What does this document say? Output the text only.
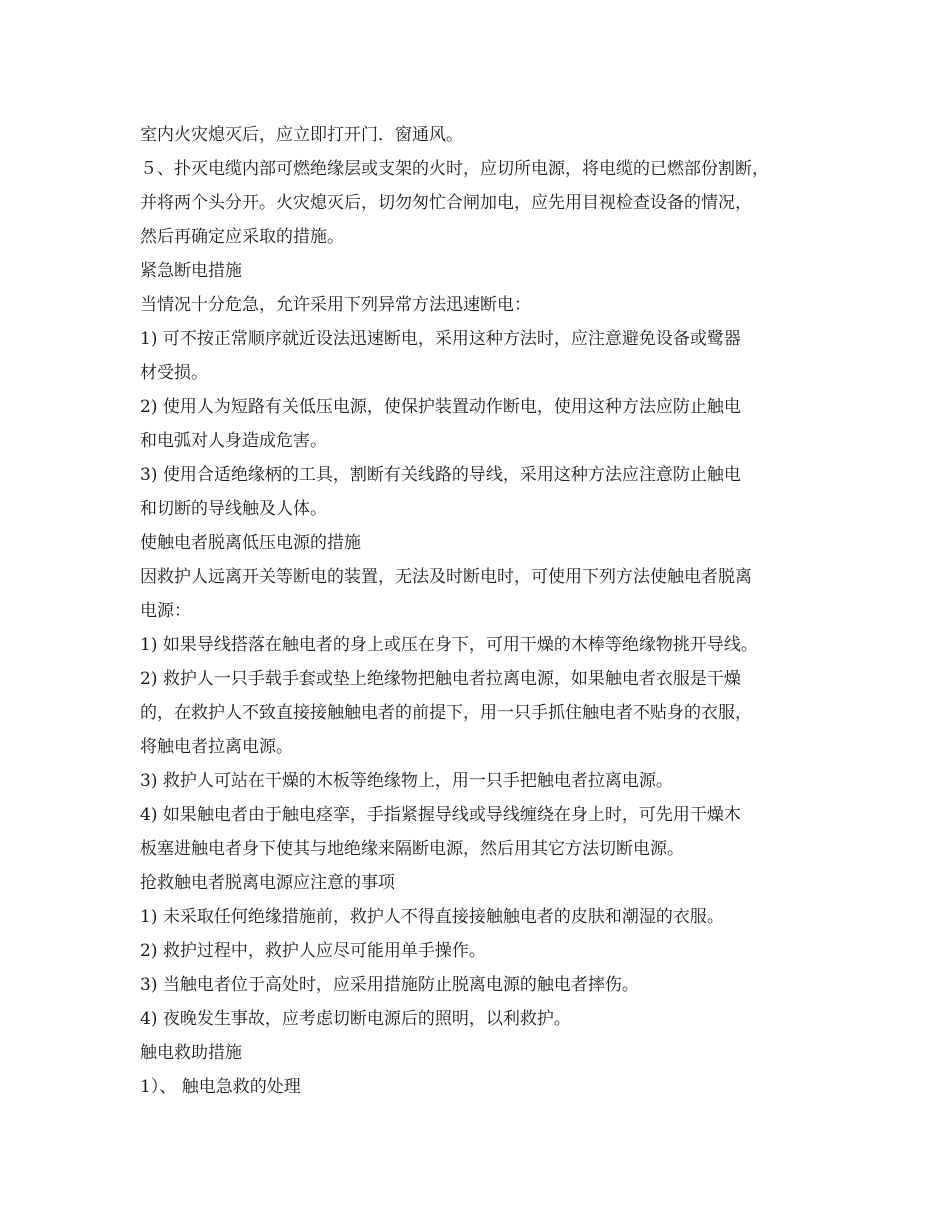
室内火灾熄灭后，应立即打开门．窗通风。
５、扑灭电缆内部可燃绝缘层或支架的火时，应切所电源，将电缆的已燃部份割断，
并将两个头分开。火灾熄灭后，切勿匆忙合闸加电，应先用目视检查设备的情况，
然后再确定应采取的措施。
紧急断电措施
当情况十分危急，允许采用下列异常方法迅速断电：
1) 可不按正常顺序就近设法迅速断电，采用这种方法时，应注意避免设备或鹭器
材受损。
2) 使用人为短路有关低压电源，使保护装置动作断电，使用这种方法应防止触电
和电弧对人身造成危害。
3) 使用合适绝缘柄的工具，割断有关线路的导线，采用这种方法应注意防止触电
和切断的导线触及人体。
使触电者脱离低压电源的措施
因救护人远离开关等断电的装置，无法及时断电时，可使用下列方法使触电者脱离
电源：
1) 如果导线搭落在触电者的身上或压在身下，可用干燥的木棒等绝缘物挑开导线。
2) 救护人一只手载手套或垫上绝缘物把触电者拉离电源，如果触电者衣服是干燥
的，在救护人不致直接接触触电者的前提下，用一只手抓住触电者不贴身的衣服，
将触电者拉离电源。
3) 救护人可站在干燥的木板等绝缘物上，用一只手把触电者拉离电源。
4) 如果触电者由于触电痉挛，手指紧握导线或导线缠绕在身上时，可先用干燥木
板塞进触电者身下使其与地绝缘来隔断电源，然后用其它方法切断电源。
抢救触电者脱离电源应注意的事项
1) 未采取任何绝缘措施前，救护人不得直接接触触电者的皮肤和潮湿的衣服。
2) 救护过程中，救护人应尽可能用单手操作。
3) 当触电者位于高处时，应采用措施防止脱离电源的触电者摔伤。
4) 夜晚发生事故，应考虑切断电源后的照明，以利救护。
触电救助措施
1）、 触电急救的处理
